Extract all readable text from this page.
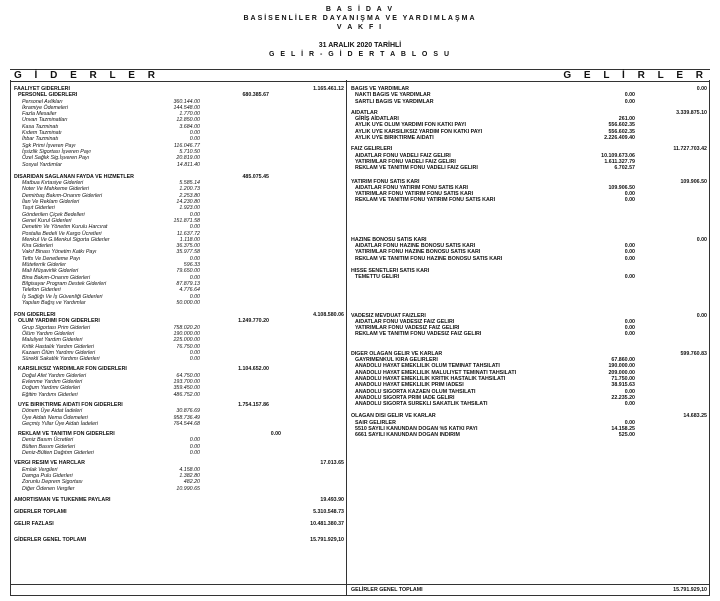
B A S İ D A V
BASİSENLİLER DAYANIŞMA VE YARDIMLAŞMA
V A K F I
31 ARALIK 2020 TARİHLİ
G E L İ R - G İ D E R T A B L O S U
G İ D E R L E R	G E L İ R L E R
FAALIYET GIDERLERI	1.165.461.12
PERSONEL GIDERLERI	680.385.67
Personel Avlikları	360.144.00
İkramiye Ödemeleri	144.548.00
Fazla Mesailer	1.770.00
Unvan Tazminatları	12.850.00
Kasa Tazminatı	3.684.00
Kıdem Tazminatı	0.00
İhbar Tazminatı	0.00
Sgk Primi İşveren Payı	116.046.77
İşsizlik Sigortası İşveren Payı	5.710.50
Özel Sağlık Sig.İşveren Payı	20.819.00
Sosyal Yardımlar	14.811.40
DISARIDAN SAGLANAN FAYDA VE HIZMETLER	485.075.45
Matbua Kırtasiye Giderleri	5.585.14
Noter Ve Mahkeme Giderleri	1.200.73
Demirbaş Bakım-Onarım Giderleri	2.253.80
İlan Ve Reklam Giderleri	14.230.80
Taşıt Giderleri	1.923.00
Gönderilen Çiçek Bedelleri	0.00
Genel Kurul Giderleri	151.871.58
Denetim Ve Yönetim Kurulu Harcırat	0.00
Postalia Bedeli Ve Kargo Ücretleri	11.637.72
Menkul Ve G.Menkul Sigorta Giderler	1.118.00
Kira Giderleri	36.375.00
Vakıf Binası Yönetim Katkı Payı	35.977.58
Tefts Ve Denetleme Payı	0.00
Müteferrik Giderler	596.33
Mali Müşavirlik Giderleri	79.650.00
Bina Bakım-Onarım Giderleri	0.00
Bilgisayar Program Destek Giderleri	87.879.13
Telefon Giderleri	4.776.64
İş Sağlığı Ve İş Güvenliği Giderleri	0.00
Yapılan Bağış ve Yardımlar	50.000.00
FON GIDERLERI	4.108.580.06
OLUM YARDIMI FON GIDERLERI	1.249.770.20
Grup Sigortası Prim Giderleri	758.020.20
Ölüm Yardım Giderleri	190.000.00
Maluliyet Yardım Giderleri	225.000.00
Kritik Hastalık Yardım Giderleri	76.750.00
Kazaen Ölüm Yardımı Giderleri	0.00
Sürekli Sakatlık Yardımı Giderleri	0.00
KARSILIKSIZ YARDIMLAR FON GIDERLERI	1.104.652.00
Doğal Afet Yardım Giderleri	64.750.00
Evlenme Yardım Giderleri	193.700.00
Doğum Yardımı Giderleri	359.450.00
Eğitim Yardımı Giderleri	486.752.00
UYE BIRIKTIRME AIDATI FON GIDERLERI	1.754.157.86
Dönem Üye Aidat İadeleri	30.876.69
Üye Aidatı Nema Ödemeleri	958.736.49
Geçmiş Yıllar Üye Aidatı İadeleri	764.544.68
REKLAM VE TANITIM FON GIDERLERI	0.00
Deniz Basım Ücretleri	0.00
Bülten Basım Giderleri	0.00
Deniz-Bülten Dağıtım Giderleri	0.00
VERGI RESIM VE HARCLAR	17.013.65
Emlak Vergileri	4.158.00
Damga Pulu Giderleri	1.382.80
Zorunlu Deprem Sigortası	482.20
Diğer Ödenen Vergiler	10.990.65
AMORTISMAN VE TUKENME PAYLARI	19.493.90
GIDERLER TOPLAMI	5.310.548.73
GELIR FAZLASI	10.481.380.37
GİDERLER GENEL TOPLAMI	15.791.929,10
BAGIS VE YARDIMLAR	0.00
NAKTI BAGIS VE YARDIMLAR	0.00
SARTLI BAGIS VE YARDIMLAR	0.00
AIDATLAR	3.339.875.10
GİRİŞ AİDATLARI	261.00
AYLIK UYE OLUM YARDIMI FON KATKI PAYI	556.602.35
AYLIK UYE KARSILIKSIZ YARDIM FON KATKI PAYI	556.602.35
AYLIK UYE BIRIKTIRME AIDATI	2.226.409.40
FAIZ GELIRLERI	11.727.703.42
AIDATLAR FONU VADELI FAIZ GELIRI	10.109.673.06
YATIRIMLAR FONU VADELI FAIZ GELIRI	1.611.327.79
REKLAM VE TANITIM FONU VADELI FAIZ GELIRI	6.702.57
YATIRIM FONU SATIS KARI	109.906.50
AIDATLAR FONU YATIRIM FONU SATIS KARI	109.906.50
YATIRIMLAR FONU YATIRIM FONU SATIS KARI	0.00
REKLAM VE TANITIM FONU YATIRIM FONU SATIS KARI	0.00
HAZINE BONOSU SATIS KARI	0.00
AIDATLAR FONU HAZINE BONOSU SATIS KARI	0.00
YATIRIMLAR FONU HAZINE BONOSU SATIS KARI	0.00
REKLAM VE TANITIM FONU HAZINE BONOSU SATIS KARI	0.00
HISSE SENETLERI SATIS KARI
TEMETTU GELIRI	0.00
VADESIZ MEVDUAT FAIZLERI	0.00
AIDATLAR FONU VADESIZ FAIZ GELIRI	0.00
YATIRIMLAR FONU VADESIZ FAIZ GELIRI	0.00
REKLAM VE TANITIM FONU VADESIZ FAIZ GELIRI	0.00
DIGER OLAGAN GELIR VE KARLAR	599.760.83
GAYRIMENKUL KIRA GELIRLERI	67.860.00
ANADOLU HAYAT EMEKLILIK OLUM TEMINAT TAHSILATI	190.000.00
ANADOLU HAYAT EMEKLILIK MALULIYET TEMINATI TAHSILATI	209.000.00
ANADOLU HAYAT EMEKLILIK KRITIK HASTALIK TAHSILATI	71.750.00
ANADOLU HAYAT EMEKLILIK PRIM IADESI	38.915.63
ANADOLU SIGORTA KAZAEN OLUM TAHSILATI	0.00
ANADOLU SIGORTA PRIM IADE GELIRI	22.235.20
ANADOLU SIGORTA SUREKLI SAKATLIK TAHSILATI	0.00
OLAGAN DISI GELIR VE KARLAR	14.683.25
SAIR GELIRLER	0.00
5510 SAYILI KANUNDAN DOGAN %5 KATKI PAYI	14.158.25
6661 SAYILI KANUNDAN DOGAN INDIRIM	525.00
GELİRLER GENEL TOPLAMI	15.791.929,10
